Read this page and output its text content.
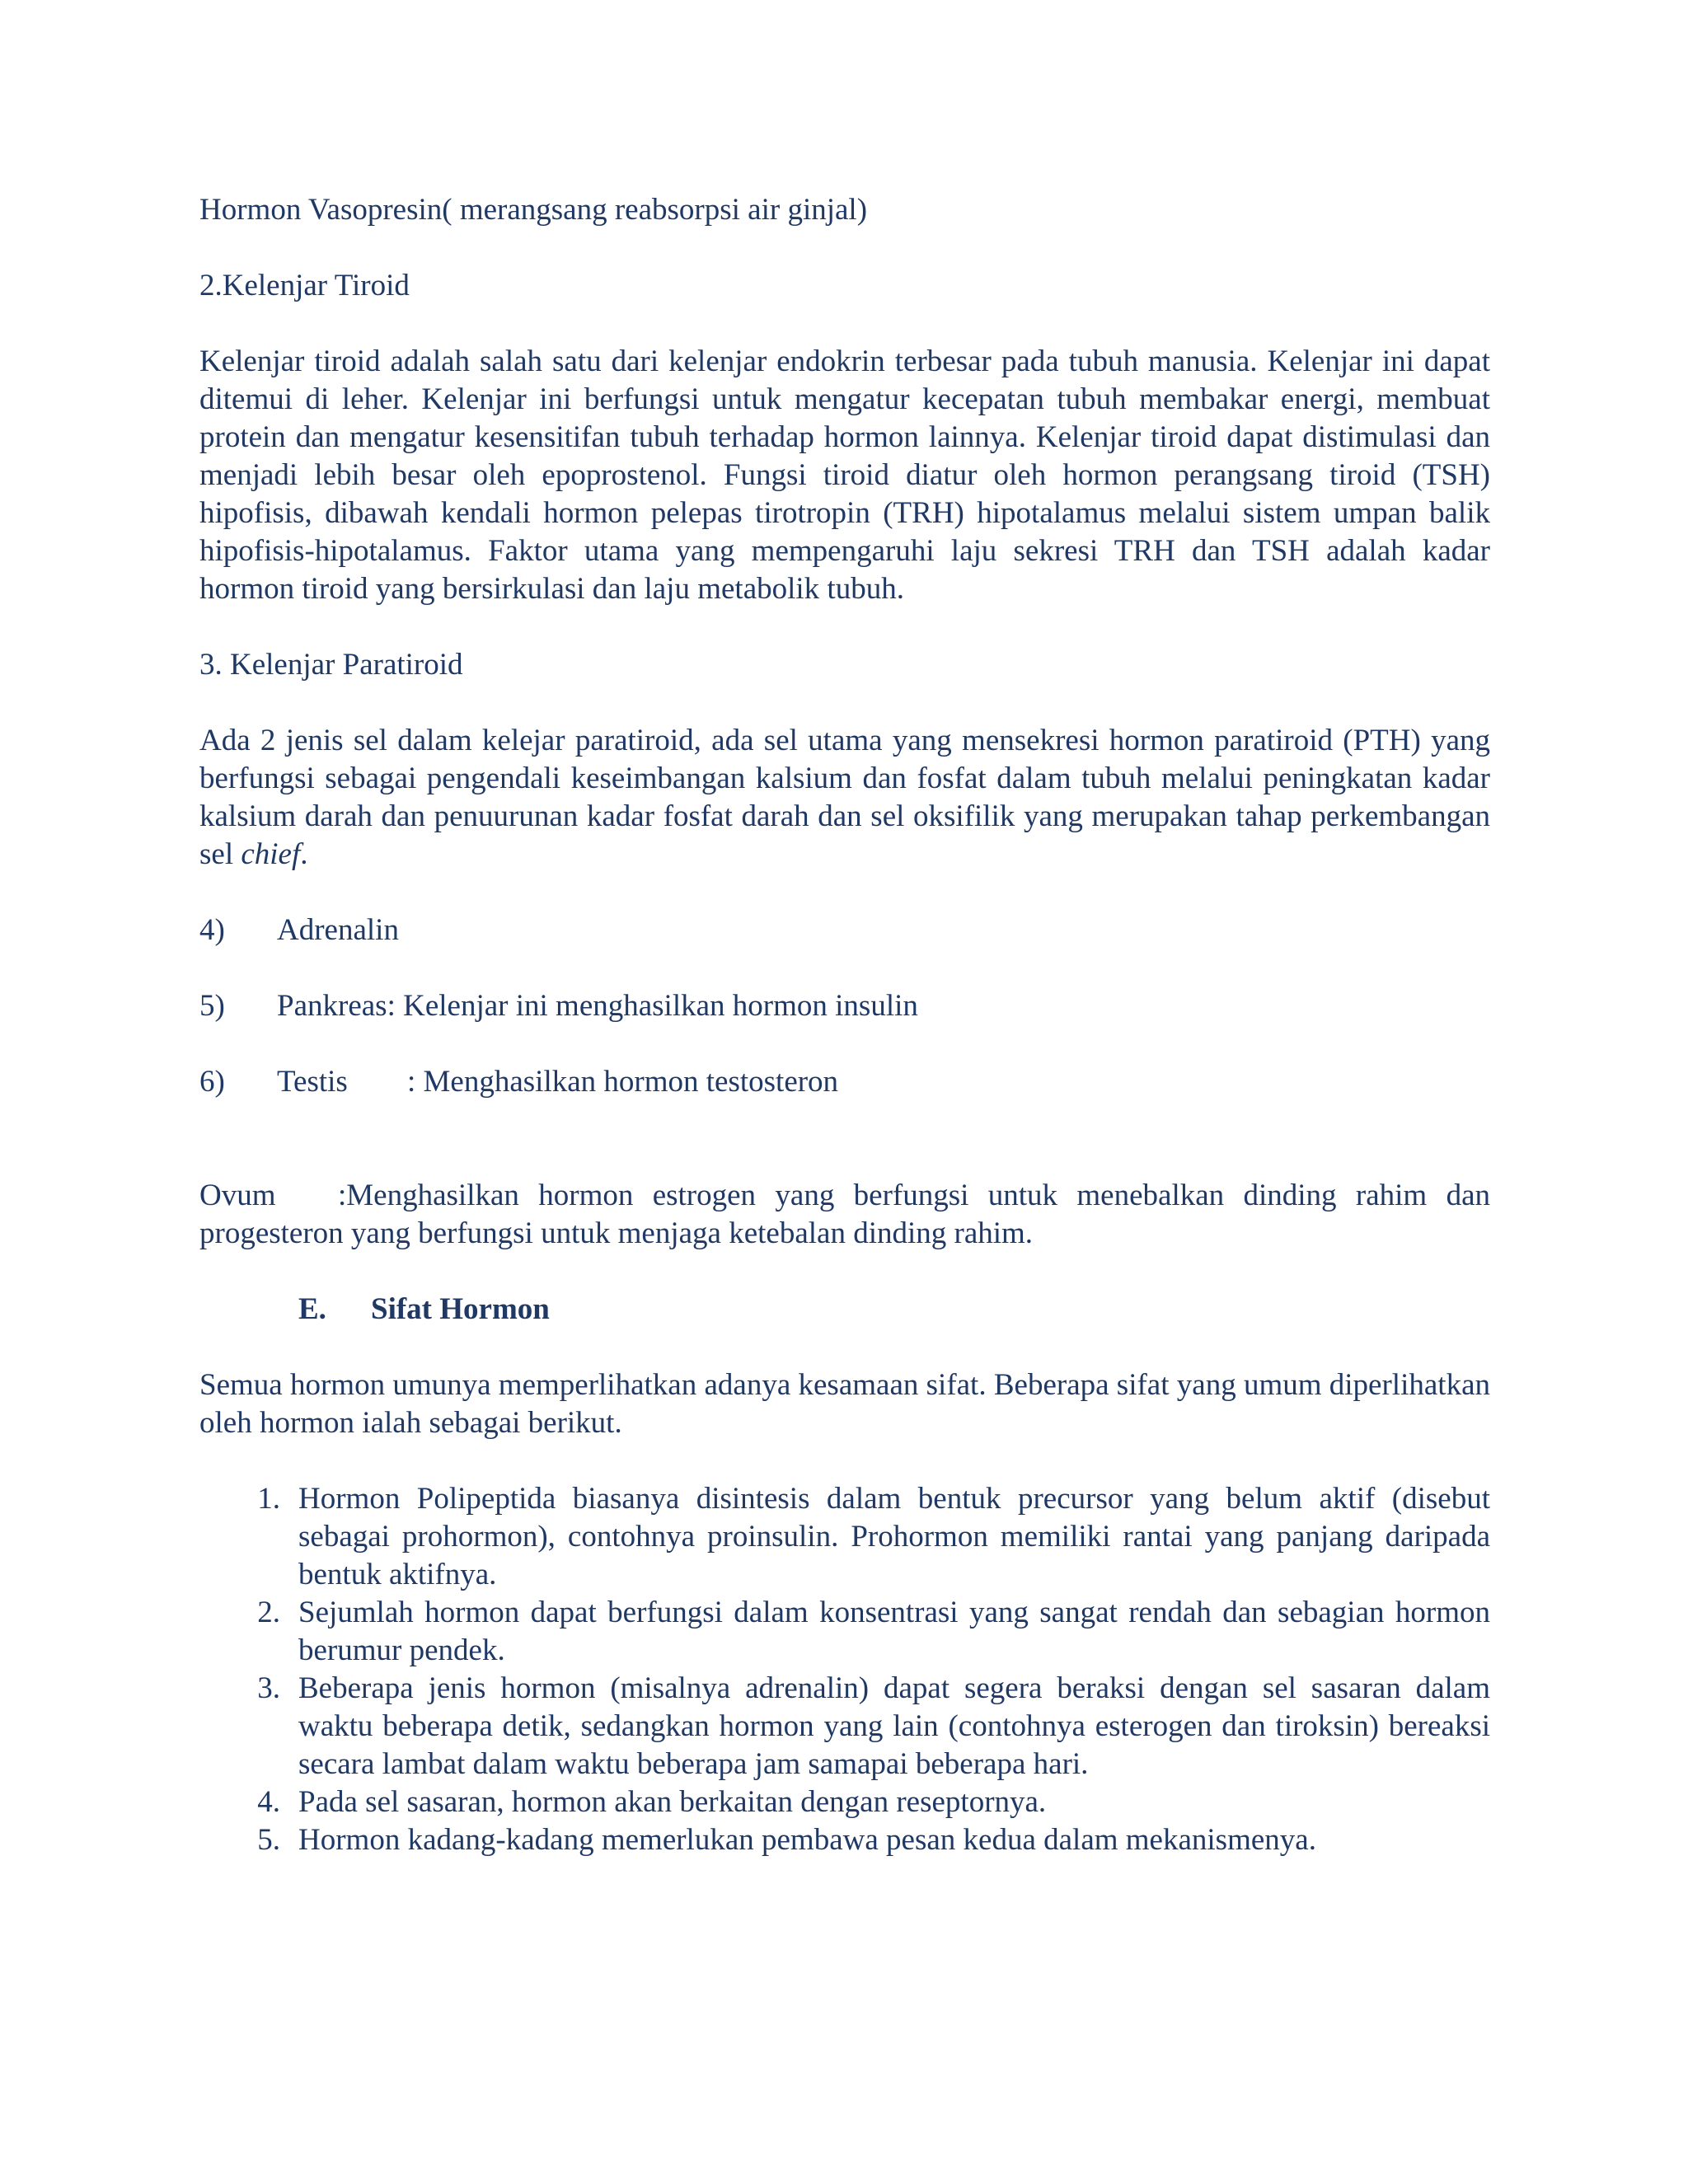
Hormon Vasopresin( merangsang reabsorpsi air ginjal)

2.Kelenjar Tiroid

Kelenjar tiroid adalah salah satu dari kelenjar endokrin terbesar pada tubuh manusia. Kelenjar ini dapat ditemui di leher. Kelenjar ini berfungsi untuk mengatur kecepatan tubuh membakar energi, membuat protein dan mengatur kesensitifan tubuh terhadap hormon lainnya. Kelenjar tiroid dapat distimulasi dan menjadi lebih besar oleh epoprostenol. Fungsi tiroid diatur oleh hormon perangsang tiroid (TSH) hipofisis, dibawah kendali hormon pelepas tirotropin (TRH) hipotalamus melalui sistem umpan balik hipofisis-hipotalamus. Faktor utama yang mempengaruhi laju sekresi TRH dan TSH adalah kadar hormon tiroid yang bersirkulasi dan laju metabolik tubuh.

3. Kelenjar Paratiroid

Ada 2 jenis sel dalam kelejar paratiroid, ada sel utama yang mensekresi hormon paratiroid (PTH) yang berfungsi sebagai pengendali keseimbangan kalsium dan fosfat dalam tubuh melalui peningkatan kadar kalsium darah dan penuurunan kadar fosfat darah dan sel oksifilik yang merupakan tahap perkembangan sel chief.

4)	Adrenalin
5)	Pankreas : Kelenjar ini menghasilkan hormon insulin
6)	Testis	: Menghasilkan hormon testosteron

Ovum :Menghasilkan hormon estrogen yang berfungsi untuk menebalkan dinding rahim dan progesteron yang berfungsi untuk menjaga ketebalan dinding rahim.

E. Sifat Hormon

Semua hormon umunya memperlihatkan adanya kesamaan sifat. Beberapa sifat yang umum diperlihatkan oleh hormon ialah sebagai berikut.

1. Hormon Polipeptida biasanya disintesis dalam bentuk precursor yang belum aktif (disebut sebagai prohormon), contohnya proinsulin. Prohormon memiliki rantai yang panjang daripada bentuk aktifnya.
2. Sejumlah hormon dapat berfungsi dalam konsentrasi yang sangat rendah dan sebagian hormon berumur pendek.
3. Beberapa jenis hormon (misalnya adrenalin) dapat segera beraksi dengan sel sasaran dalam waktu beberapa detik, sedangkan hormon yang lain (contohnya esterogen dan tiroksin) bereaksi secara lambat dalam waktu beberapa jam samapai beberapa hari.
4. Pada sel sasaran, hormon akan berkaitan dengan reseptornya.
5. Hormon kadang-kadang memerlukan pembawa pesan kedua dalam mekanismenya.
